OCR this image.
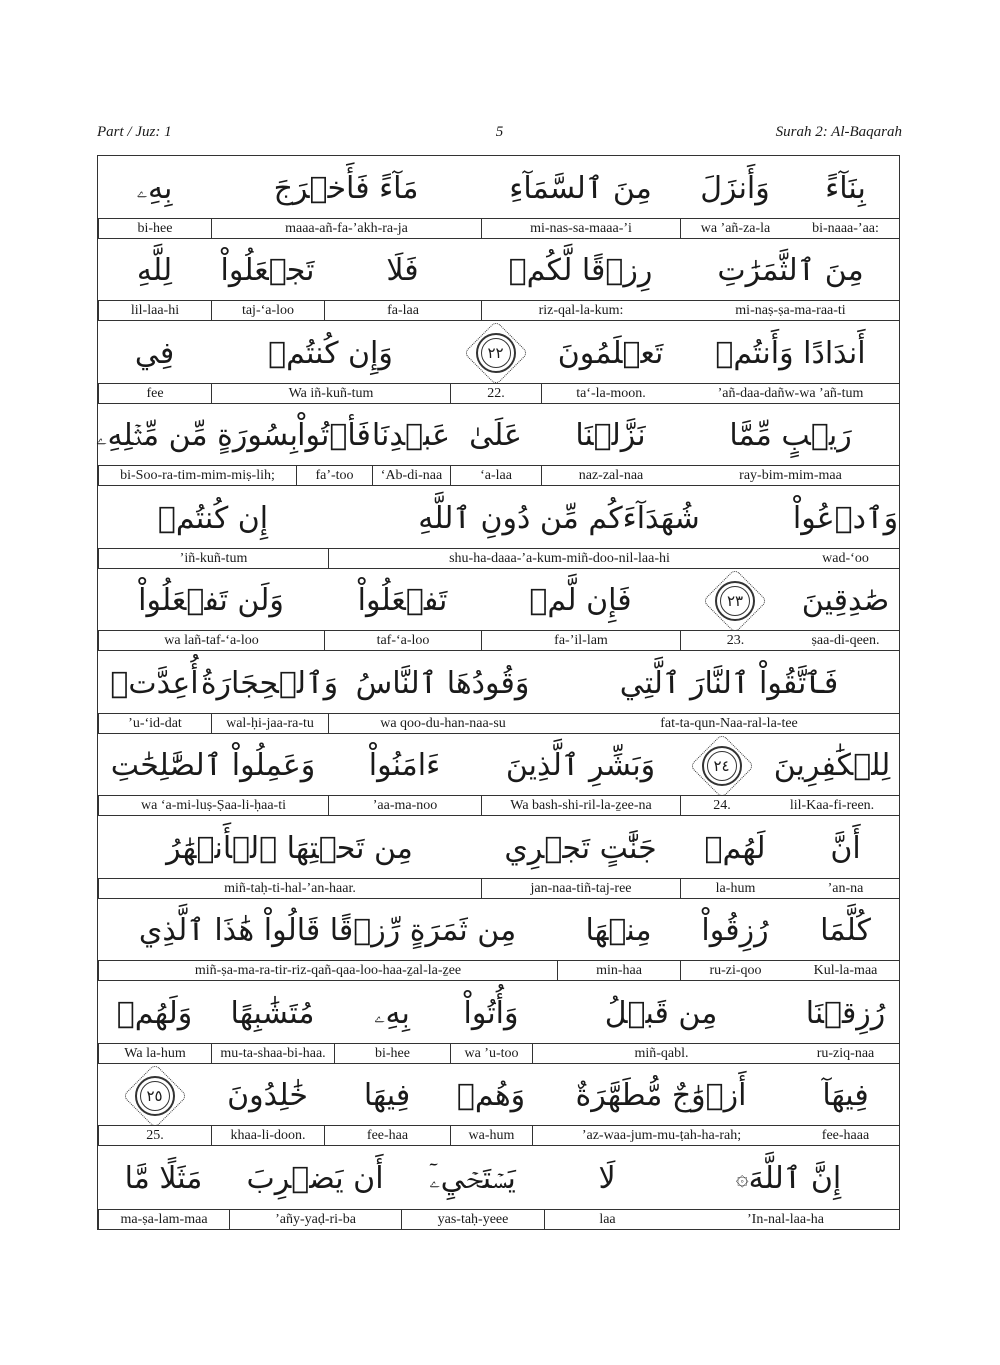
Part / Juz: 1	5	Surah 2: Al-Baqarah
بِنَآءً
وَأَنزَلَ
مِنَ ٱلسَّمَآءِ
مَآءً فَأَخۡرَجَ
بِهِۦ
bi-naaa-’aa:
wa ’añ-za-la
mi-nas-sa-maaa-’i
maaa-añ-fa-’akh-ra-ja
bi-hee
مِنَ ٱلثَّمَرَٰتِ
رِزۡقًا لَّكُمۡ
فَلَا
تَجۡعَلُواْ
لِلَّهِ
mi-naṣ-ṣa-ma-raa-ti
riz-qal-la-kum:
fa-laa
taj-‘a-loo
lil-laa-hi
أَندَادًا وَأَنتُمۡ
تَعۡلَمُونَ
٢٢
وَإِن كُنتُمۡ
فِي
’añ-daa-dañw-wa ’añ-tum
ta‘-la-moon.
22.
Wa iñ-kuñ-tum
fee
رَيۡبٍ مِّمَّا
نَزَّلۡنَا
عَلَىٰ
عَبۡدِنَا
فَأۡتُواْ
بِسُورَةٍ مِّن مِّثۡلِهِۦ
ray-bim-mim-maa
naz-zal-naa
‘a-laa
‘Ab-di-naa
fa’-too
bi-Soo-ra-tim-mim-miṣ-lih;
وَٱدۡعُواْ
شُهَدَآءَكُم مِّن دُونِ ٱللَّهِ
إِن كُنتُمۡ
wad-‘oo
shu-ha-daaa-’a-kum-miñ-doo-nil-laa-hi
’iñ-kuñ-tum
صَٰدِقِينَ
٢٣
فَإِن لَّمۡ
تَفۡعَلُواْ
وَلَن تَفۡعَلُواْ
ṣaa-di-qeen.
23.
fa-’il-lam
taf-‘a-loo
wa lañ-taf-‘a-loo
فَٱتَّقُواْ ٱلنَّارَ ٱلَّتِي
وَقُودُهَا ٱلنَّاسُ
وَٱلۡحِجَارَةُ
أُعِدَّتۡ
fat-ta-qun-Naa-ral-la-tee
wa qoo-du-han-naa-su
wal-ḥi-jaa-ra-tu
’u-‘id-dat
لِلۡكَٰفِرِينَ
٢٤
وَبَشِّرِ ٱلَّذِينَ
ءَامَنُواْ
وَعَمِلُواْ ٱلصَّٰلِحَٰتِ
lil-Kaa-fi-reen.
24.
Wa bash-shi-ril-la-ẕee-na
’aa-ma-noo
wa ‘a-mi-luṣ-Ṣaa-li-ḥaa-ti
أَنَّ
لَهُمۡ
جَنَّٰتٍ تَجۡرِي
مِن تَحۡتِهَا ٱلۡأَنۡهَٰرُ
’an-na
la-hum
jan-naa-tiñ-taj-ree
miñ-taḥ-ti-hal-’an-haar.
كُلَّمَا
رُزِقُواْ
مِنۡهَا
مِن ثَمَرَةٍ رِّزۡقًا قَالُواْ هَٰذَا ٱلَّذِي
Kul-la-maa
ru-zi-qoo
min-haa
miñ-ṣa-ma-ra-tir-riz-qañ-qaa-loo-haa-ẕal-la-ẕee
رُزِقۡنَا
مِن قَبۡلُ
وَأُتُواْ
بِهِۦ
مُتَشَٰبِهًا
وَلَهُمۡ
ru-ziq-naa
miñ-qabl.
wa ’u-too
bi-hee
mu-ta-shaa-bi-haa.
Wa la-hum
فِيهَآ
أَزۡوَٰجٌ مُّطَهَّرَةٌ
وَهُمۡ
فِيهَا
خَٰلِدُونَ
٢٥
fee-haaa
’az-waa-jum-mu-ṭah-ha-rah;
wa-hum
fee-haa
khaa-li-doon.
25.
إِنَّ ٱللَّهَ
۞
لَا
يَسۡتَحۡيِۦٓ
أَن يَضۡرِبَ
مَثَلًا مَّا
’In-nal-laa-ha
laa
yas-taḥ-yeee
’añy-yaḍ-ri-ba
ma-ṣa-lam-maa
